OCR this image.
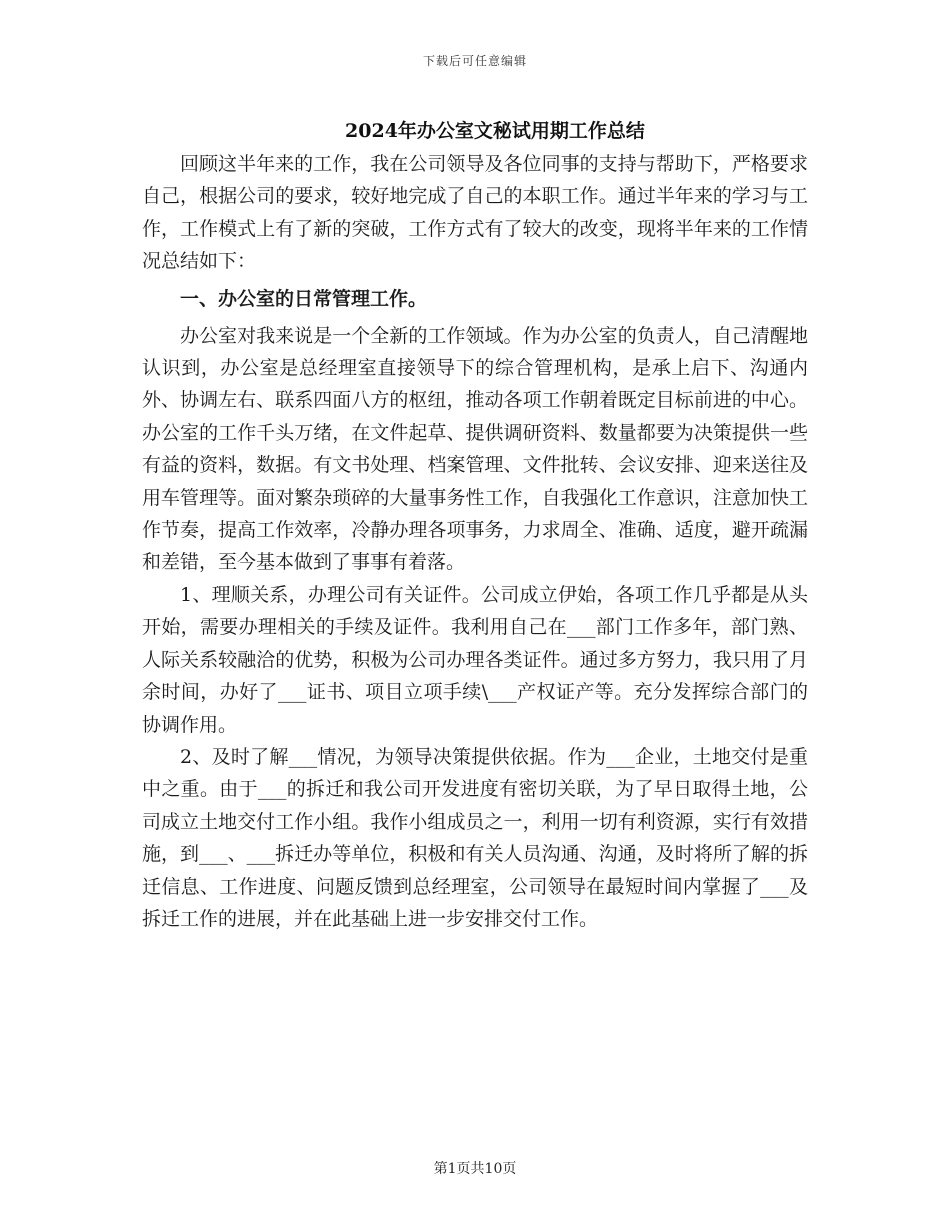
下载后可任意编辑
2024年办公室文秘试用期工作总结

回顾这半年来的工作，我在公司领导及各位同事的支持与帮助下，严格要求自己，根据公司的要求，较好地完成了自己的本职工作。通过半年来的学习与工作，工作模式上有了新的突破，工作方式有了较大的改变，现将半年来的工作情况总结如下：

一、办公室的日常管理工作。

办公室对我来说是一个全新的工作领域。作为办公室的负责人，自己清醒地认识到，办公室是总经理室直接领导下的综合管理机构，是承上启下、沟通内外、协调左右、联系四面八方的枢纽，推动各项工作朝着既定目标前进的中心。办公室的工作千头万绪，在文件起草、提供调研资料、数量都要为决策提供一些有益的资料，数据。有文书处理、档案管理、文件批转、会议安排、迎来送往及用车管理等。面对繁杂琐碎的大量事务性工作，自我强化工作意识，注意加快工作节奏，提高工作效率，冷静办理各项事务，力求周全、准确、适度，避开疏漏和差错，至今基本做到了事事有着落。

1、理顺关系，办理公司有关证件。公司成立伊始，各项工作几乎都是从头开始，需要办理相关的手续及证件。我利用自己在___部门工作多年，部门熟、人际关系较融洽的优势，积极为公司办理各类证件。通过多方努力，我只用了月余时间，办好了___证书、项目立项手续\___产权证产等。充分发挥综合部门的协调作用。

2、及时了解___情况，为领导决策提供依据。作为___企业，土地交付是重中之重。由于___的拆迁和我公司开发进度有密切关联，为了早日取得土地，公司成立土地交付工作小组。我作小组成员之一，利用一切有利资源，实行有效措施，到___、___拆迁办等单位，积极和有关人员沟通、沟通，及时将所了解的拆迁信息、工作进度、问题反馈到总经理室，公司领导在最短时间内掌握了___及拆迁工作的进展，并在此基础上进一步安排交付工作。

第1页共10页
